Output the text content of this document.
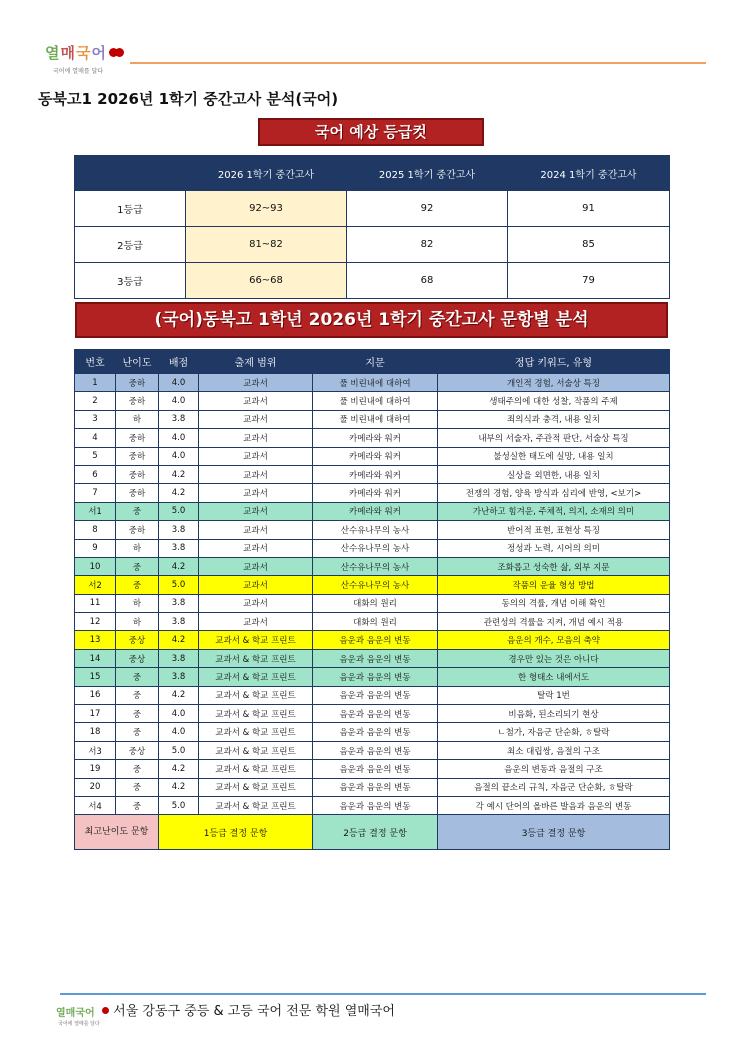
열매국어
국어에 열매를 달다
동북고1 2026년 1학기 중간고사 분석(국어)
국어 예상 등급컷
	2026 1학기 중간고사	2025 1학기 중간고사	2024 1학기 중간고사
1등급	92~93	92	91
2등급	81~82	82	85
3등급	66~68	68	79
(국어)동북고 1학년 2026년 1학기 중간고사 문항별 분석
번호	난이도	배점	출제 범위	지문	정답 키워드, 유형
1	중하	4.0	교과서	풀 비린내에 대하여	개인적 경험, 서술상 특징
2	중하	4.0	교과서	풀 비린내에 대하여	생태주의에 대한 성찰, 작품의 주제
3	하	3.8	교과서	풀 비린내에 대하여	죄의식과 충격, 내용 일치
4	중하	4.0	교과서	카메라와 워커	내부의 서술자, 주관적 판단, 서술상 특징
5	중하	4.0	교과서	카메라와 워커	불성실한 태도에 실망, 내용 일치
6	중하	4.2	교과서	카메라와 워커	실상을 외면한, 내용 일치
7	중하	4.2	교과서	카메라와 워커	전쟁의 경험, 양육 방식과 심리에 반영, <보기>
서1	중	5.0	교과서	카메라와 워커	가난하고 힘겨운, 주체적, 의지, 소재의 의미
8	중하	3.8	교과서	산수유나무의 농사	반어적 표현, 표현상 특징
9	하	3.8	교과서	산수유나무의 농사	정성과 노력, 시어의 의미
10	중	4.2	교과서	산수유나무의 농사	조화롭고 성숙한 삶, 외부 지문
서2	중	5.0	교과서	산수유나무의 농사	작품의 운율 형성 방법
11	하	3.8	교과서	대화의 원리	동의의 격률, 개념 이해 확인
12	하	3.8	교과서	대화의 원리	관련성의 격률을 지켜, 개념 예시 적용
13	중상	4.2	교과서 & 학교 프린트	음운과 음운의 변동	음운의 개수, 모음의 축약
14	중상	3.8	교과서 & 학교 프린트	음운과 음운의 변동	경우만 있는 것은 아니다
15	중	3.8	교과서 & 학교 프린트	음운과 음운의 변동	한 형태소 내에서도
16	중	4.2	교과서 & 학교 프린트	음운과 음운의 변동	탈락 1번
17	중	4.0	교과서 & 학교 프린트	음운과 음운의 변동	비음화, 된소리되기 현상
18	중	4.0	교과서 & 학교 프린트	음운과 음운의 변동	ㄴ첨가, 자음군 단순화, ㅎ탈락
서3	중상	5.0	교과서 & 학교 프린트	음운과 음운의 변동	최소 대립쌍, 음절의 구조
19	중	4.2	교과서 & 학교 프린트	음운과 음운의 변동	음운의 변동과 음절의 구조
20	중	4.2	교과서 & 학교 프린트	음운과 음운의 변동	음절의 끝소리 규칙, 자음군 단순화, ㅎ탈락
서4	중	5.0	교과서 & 학교 프린트	음운과 음운의 변동	각 예시 단어의 올바른 발음과 음운의 변동
최고난이도 문항		1등급 결정 문항		2등급 결정 문항	3등급 결정 문항
열매국어
국어에 열매를 달다
서울 강동구 중등 & 고등 국어 전문 학원 열매국어
